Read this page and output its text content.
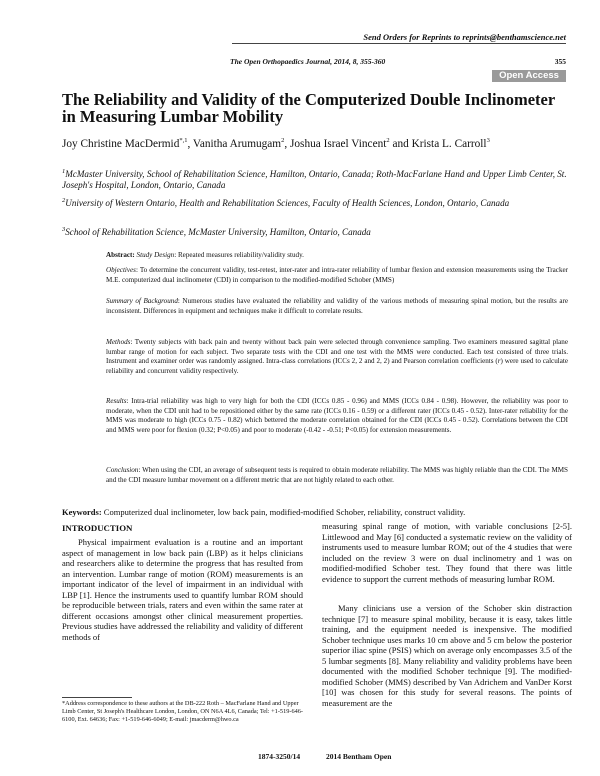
Send Orders for Reprints to reprints@benthamscience.net
The Open Orthopaedics Journal, 2014, 8, 355-360	355
Open Access
The Reliability and Validity of the Computerized Double Inclinometer in Measuring Lumbar Mobility
Joy Christine MacDermid$^{*,1}$, Vanitha Arumugam$^2$, Joshua Israel Vincent$^2$ and Krista L. Carroll$^3$
$^1$McMaster University, School of Rehabilitation Science, Hamilton, Ontario, Canada; Roth-MacFarlane Hand and Upper Limb Center, St. Joseph's Hospital, London, Ontario, Canada
$^2$University of Western Ontario, Health and Rehabilitation Sciences, Faculty of Health Sciences, London, Ontario, Canada
$^3$School of Rehabilitation Science, McMaster University, Hamilton, Ontario, Canada
Abstract: Study Design: Repeated measures reliability/validity study.
Objectives: To determine the concurrent validity, test-retest, inter-rater and intra-rater reliability of lumbar flexion and extension measurements using the Tracker M.E. computerized dual inclinometer (CDI) in comparison to the modified-modified Schober (MMS)
Summary of Background: Numerous studies have evaluated the reliability and validity of the various methods of measuring spinal motion, but the results are inconsistent. Differences in equipment and techniques make it difficult to correlate results.
Methods: Twenty subjects with back pain and twenty without back pain were selected through convenience sampling. Two examiners measured sagittal plane lumbar range of motion for each subject. Two separate tests with the CDI and one test with the MMS were conducted. Each test consisted of three trials. Instrument and examiner order was randomly assigned. Intra-class correlations (ICCs 2, 2 and 2, 2) and Pearson correlation coefficients (r) were used to calculate reliability and concurrent validity respectively.
Results: Intra-trial reliability was high to very high for both the CDI (ICCs 0.85 - 0.96) and MMS (ICCs 0.84 - 0.98). However, the reliability was poor to moderate, when the CDI unit had to be repositioned either by the same rate (ICCs 0.16 - 0.59) or a different rater (ICCs 0.45 - 0.52). Inter-rater reliability for the MMS was moderate to high (ICCs 0.75 - 0.82) which bettered the moderate correlation obtained for the CDI (ICCs 0.45 - 0.52). Correlations between the CDI and MMS were poor for flexion (0.32; P<0.05) and poor to moderate (-0.42 - -0.51; P<0.05) for extension measurements.
Conclusion: When using the CDI, an average of subsequent tests is required to obtain moderate reliability. The MMS was highly reliable than the CDI. The MMS and the CDI measure lumbar movement on a different metric that are not highly related to each other.
Keywords: Computerized dual inclinometer, low back pain, modified-modified Schober, reliability, construct validity.
INTRODUCTION
Physical impairment evaluation is a routine and an important aspect of management in low back pain (LBP) as it helps clinicians and researchers alike to determine the progress that has resulted from an intervention. Lumbar range of motion (ROM) measurements is an important indicator of the level of impairment in an individual with LBP [1]. Hence the instruments used to quantify lumbar ROM should be reproducible between trials, raters and even within the same rater at different occasions amongst other clinical measurement properties. Previous studies have addressed the reliability and validity of different methods of
measuring spinal range of motion, with variable conclusions [2-5]. Littlewood and May [6] conducted a systematic review on the validity of instruments used to measure lumbar ROM; out of the 4 studies that were included on the review 3 were on dual inclinometry and 1 was on modified-modified Schober test. They found that there was little evidence to support the current methods of measuring lumbar ROM.
Many clinicians use a version of the Schober skin distraction technique [7] to measure spinal mobility, because it is easy, takes little training, and the equipment needed is inexpensive. The modified Schober technique uses marks 10 cm above and 5 cm below the posterior superior iliac spine (PSIS) which on average only encompasses 3.5 of the 5 lumbar segments [8]. Many reliability and validity problems have been documented with the modified Schober technique [9]. The modified-modified Schober (MMS) described by Van Adrichem and VanDer Korst [10] was chosen for this study for several reasons. The points of measurement are the
*Address correspondence to these authors at the DB-222 Roth – MacFarlane Hand and Upper Limb Center, St Joseph's Healthcare London, London, ON N6A 4L6, Canada; Tel: +1-519-646-6100, Ext. 64636; Fax: +1-519-646-6049; E-mail: jmacderm@hwo.ca
1874-3250/14	2014 Bentham Open
